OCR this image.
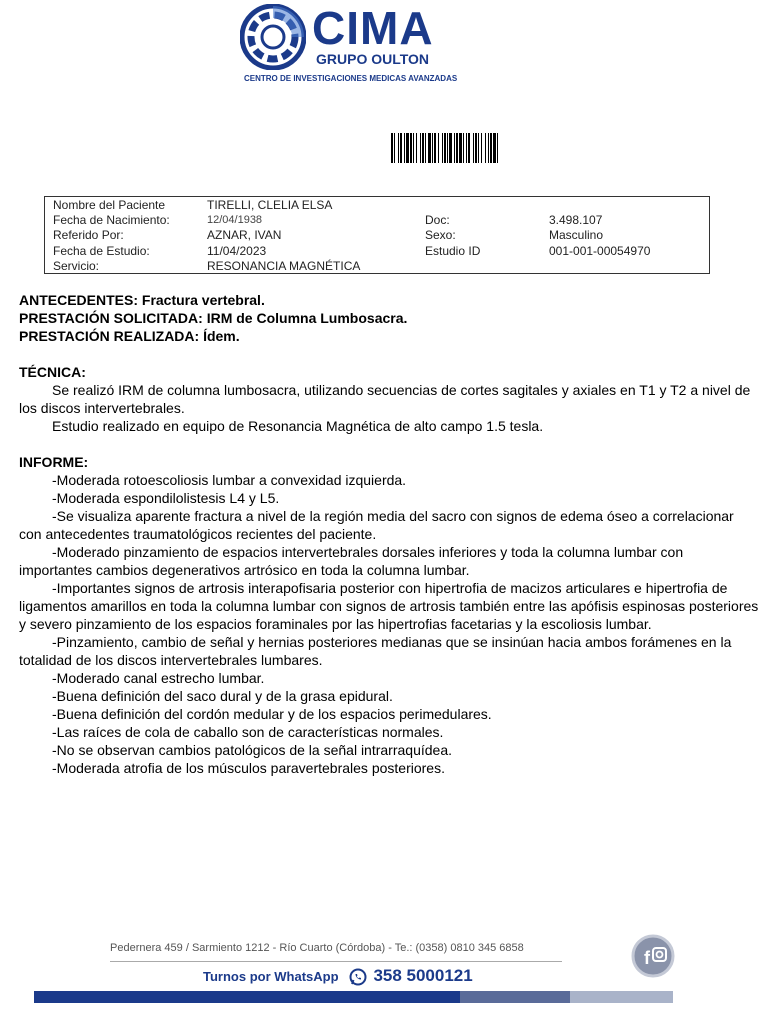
CIMA
GRUPO OULTON
CENTRO DE INVESTIGACIONES MEDICAS AVANZADAS
Nombre del Paciente	TIRELLI, CLELIA ELSA
Fecha de Nacimiento:	12/04/1938	Doc:	3.498.107
Referido Por:	AZNAR, IVAN	Sexo:	Masculino
Fecha de Estudio:	11/04/2023	Estudio ID	001-001-00054970
Servicio:	RESONANCIA MAGNÉTICA

ANTECEDENTES: Fractura vertebral.

PRESTACIÓN SOLICITADA: IRM de Columna Lumbosacra.

PRESTACIÓN REALIZADA: Ídem.

TÉCNICA:

Se realizó IRM de columna lumbosacra, utilizando secuencias de cortes sagitales y axiales en T1 y T2 a nivel de los discos intervertebrales.

Estudio realizado en equipo de Resonancia Magnética de alto campo 1.5 tesla.

INFORME:

-Moderada rotoescoliosis lumbar a convexidad izquierda.

-Moderada espondilolistesis L4 y L5.

-Se visualiza aparente fractura a nivel de la región media del sacro con signos de edema óseo a correlacionar con antecedentes traumatológicos recientes del paciente.

-Moderado pinzamiento de espacios intervertebrales dorsales inferiores y toda la columna lumbar con importantes cambios degenerativos artrósico en toda la columna lumbar.

-Importantes signos de artrosis interapofisaria posterior con hipertrofia de macizos articulares e hipertrofia de ligamentos amarillos en toda la columna lumbar con signos de artrosis también entre las apófisis espinosas posteriores y severo pinzamiento de los espacios foraminales por las hipertrofias facetarias y la escoliosis lumbar.

-Pinzamiento, cambio de señal y hernias posteriores medianas que se insinúan hacia ambos forámenes en la totalidad de los discos intervertebrales lumbares.

-Moderado canal estrecho lumbar.

-Buena definición del saco dural y de la grasa epidural.

-Buena definición del cordón medular y de los espacios perimedulares.

-Las raíces de cola de caballo son de características normales.

-No se observan cambios patológicos de la señal intrarraquídea.

-Moderada atrofia de los músculos paravertebrales posteriores.

Pedernera 459 / Sarmiento 1212 - Río Cuarto (Córdoba) - Te.: (0358) 0810 345 6858
Turnos por WhatsApp 358 5000121
f
